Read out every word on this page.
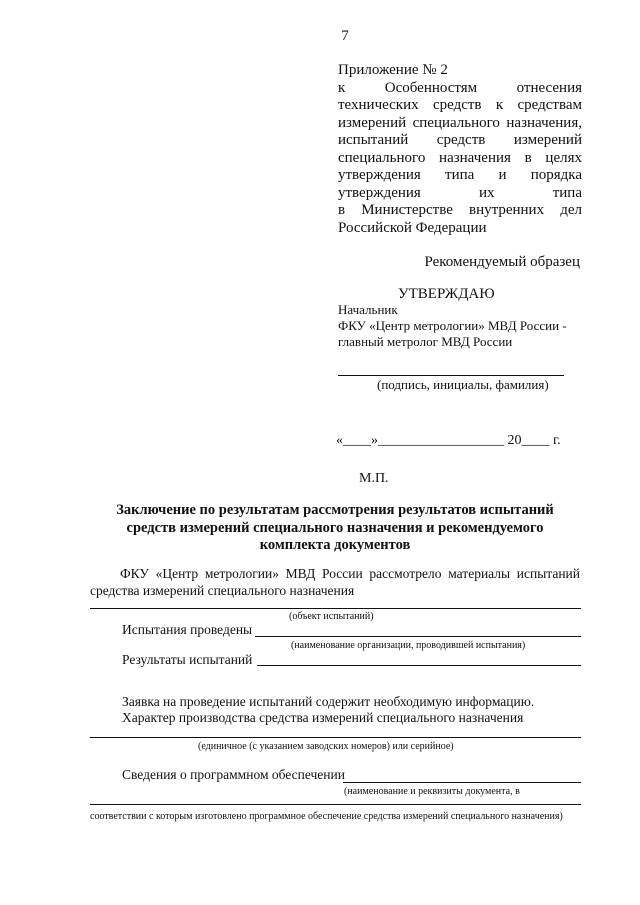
7
Приложение № 2
к Особенностям отнесения
технических средств к средствам
измерений специального назначения,
испытаний средств измерений
специального назначения в целях
утверждения типа и порядка
утверждения их типа
в Министерстве внутренних дел
Российской Федерации
Рекомендуемый образец
УТВЕРЖДАЮ
Начальник
ФКУ «Центр метрологии» МВД России -
главный метролог МВД России
(подпись, инициалы, фамилия)
«____»__________________ 20____ г.
М.П.
Заключение по результатам рассмотрения результатов испытаний средств измерений специального назначения и рекомендуемого комплекта документов
ФКУ «Центр метрологии» МВД России рассмотрело материалы испытаний средства измерений специального назначения
(объект испытаний)
Испытания проведены
(наименование организации, проводившей испытания)
Результаты испытаний
Заявка на проведение испытаний содержит необходимую информацию.
Характер производства средства измерений специального назначения
(единичное (с указанием заводских номеров) или серийное)
Сведения о программном обеспечении
(наименование и реквизиты документа, в
соответствии с которым изготовлено программное обеспечение средства измерений специального назначения)
